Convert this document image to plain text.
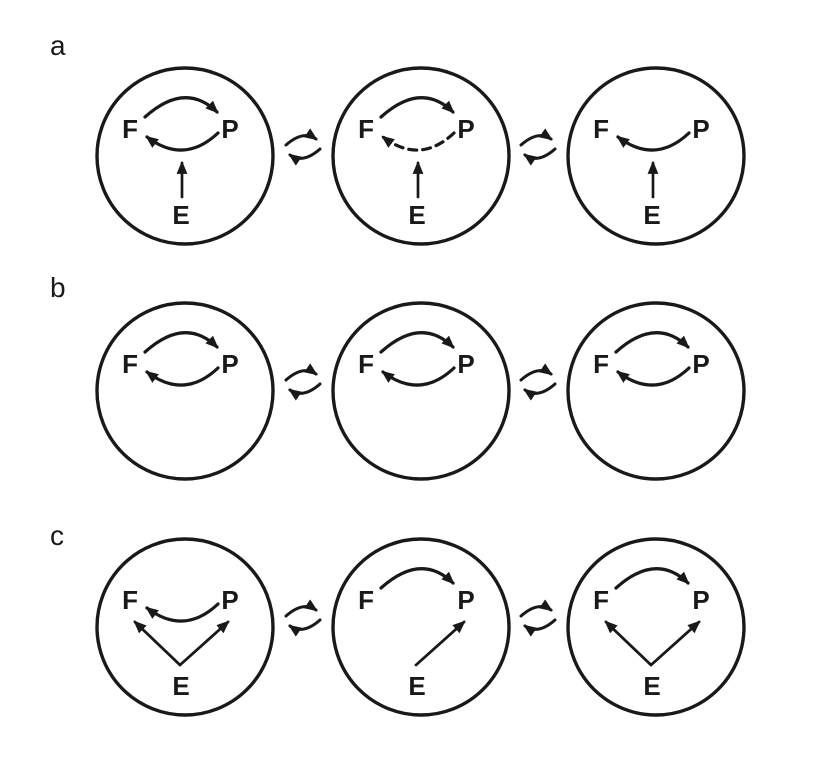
a
b
c
F	P
E
F	P
E
F	P
E
F	P	F	P	F	P
F	P
E
F	P
E
F	P
E
